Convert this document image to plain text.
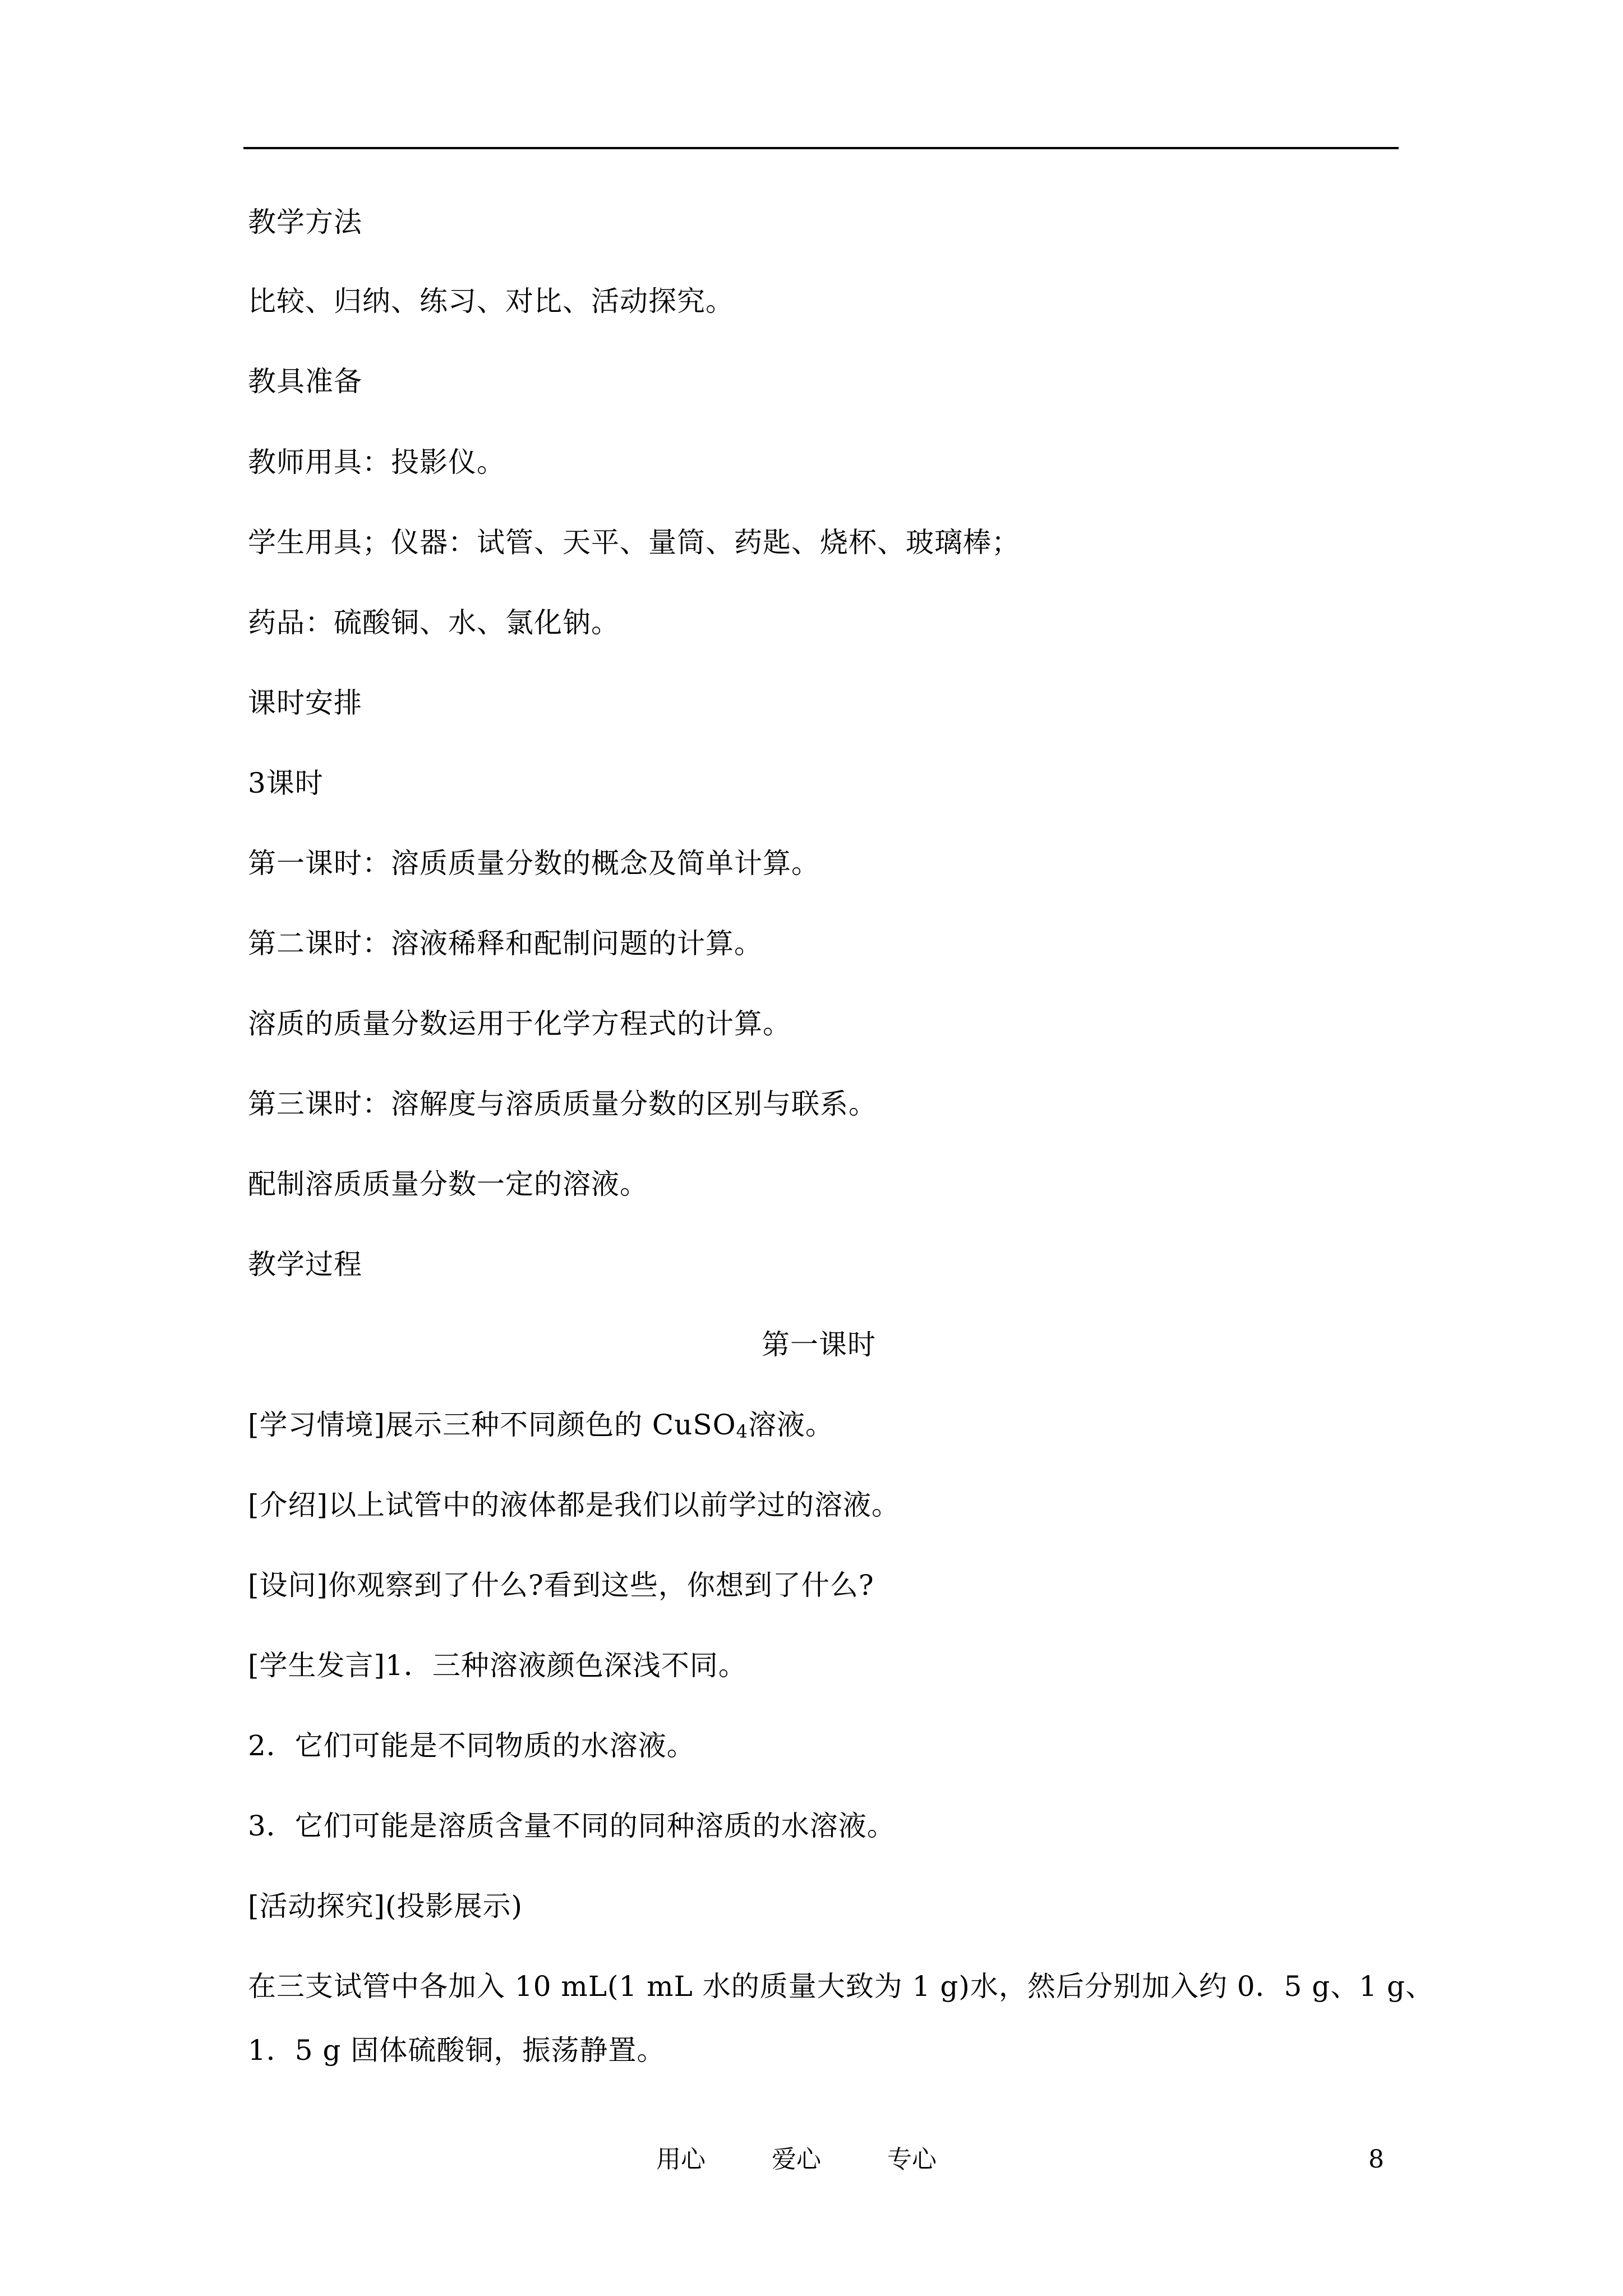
教学方法
比较、归纳、练习、对比、活动探究。
教具准备
教师用具：投影仪。
学生用具；仪器：试管、天平、量筒、药匙、烧杯、玻璃棒；
药品：硫酸铜、水、氯化钠。
课时安排
3课时
第一课时：溶质质量分数的概念及简单计算。
第二课时：溶液稀释和配制问题的计算。
溶质的质量分数运用于化学方程式的计算。
第三课时：溶解度与溶质质量分数的区别与联系。
配制溶质质量分数一定的溶液。
教学过程
第一课时
[学习情境]展示三种不同颜色的 CuSO$_4$溶液。
[介绍]以上试管中的液体都是我们以前学过的溶液。
[设问]你观察到了什么?看到这些，你想到了什么?
[学生发言]1．三种溶液颜色深浅不同。
2．它们可能是不同物质的水溶液。
3．它们可能是溶质含量不同的同种溶质的水溶液。
[活动探究](投影展示)
在三支试管中各加入 10 mL(1 mL 水的质量大致为 1 g)水，然后分别加入约 0．5 g、1 g、
1．5 g 固体硫酸铜，振荡静置。
用心	爱心	专心	8
